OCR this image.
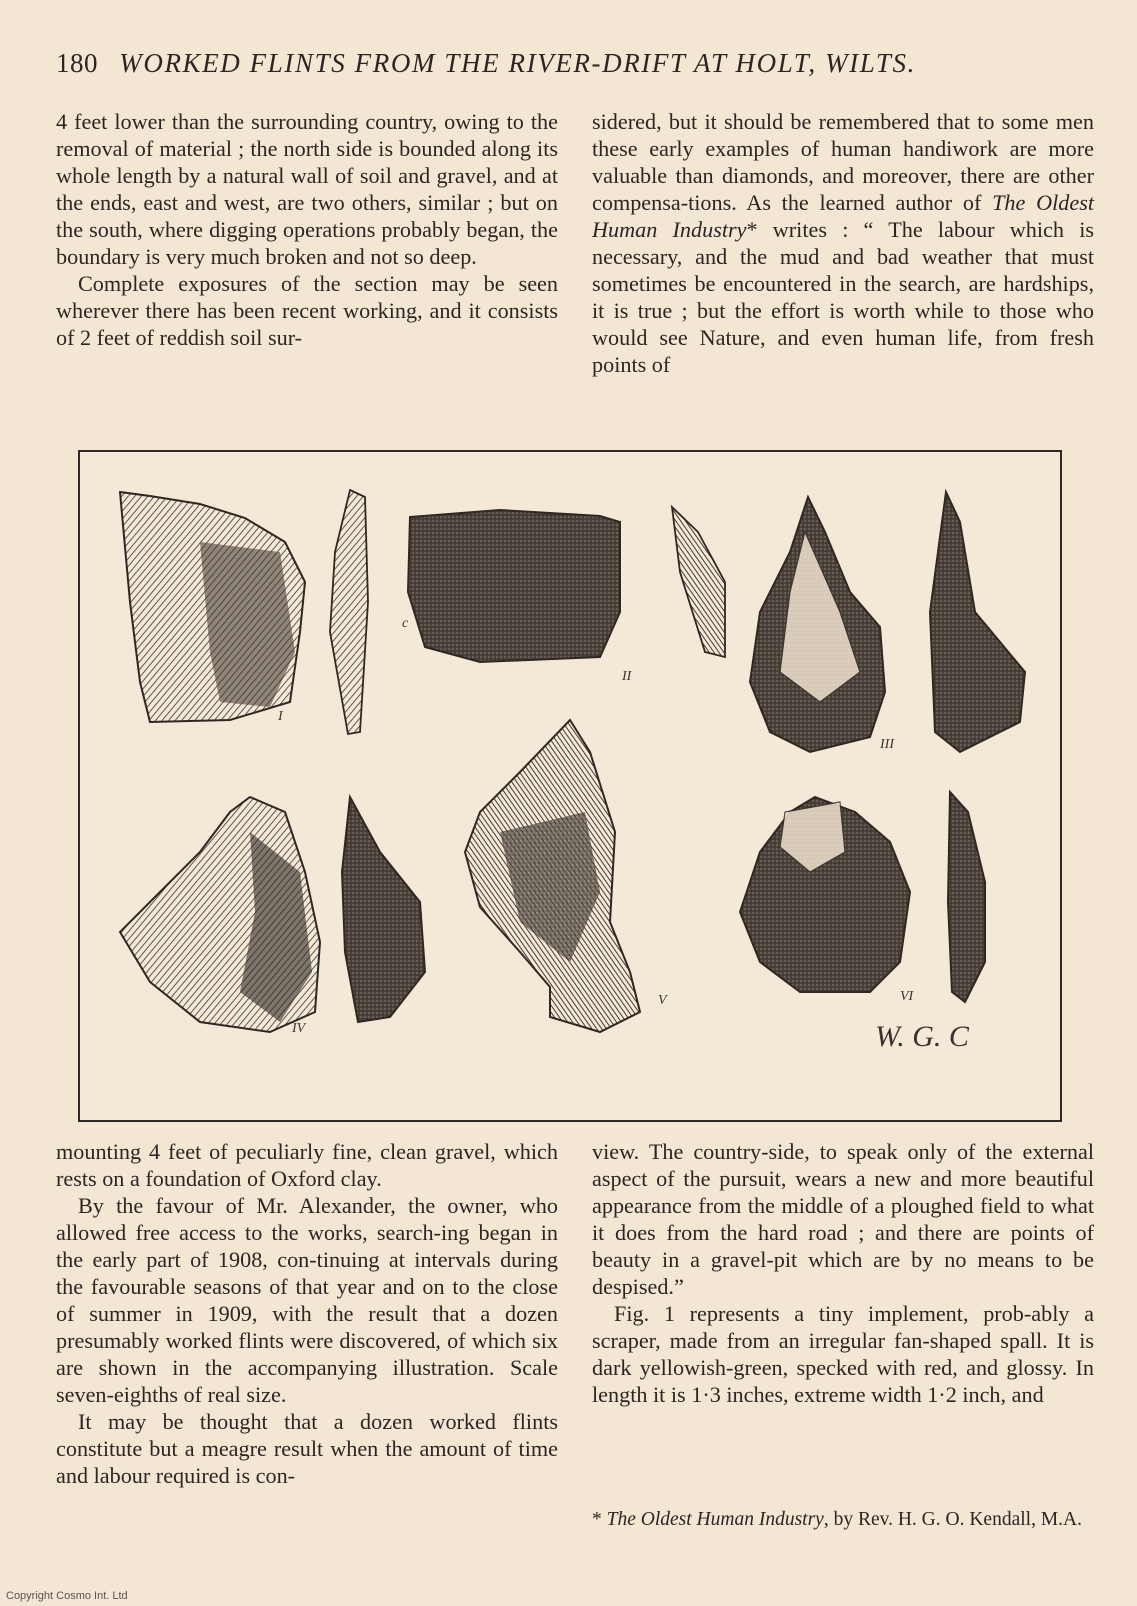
180 WORKED FLINTS FROM THE RIVER-DRIFT AT HOLT, WILTS.

4 feet lower than the surrounding country, owing to the removal of material ; the north side is bounded along its whole length by a natural wall of soil and gravel, and at the ends, east and west, are two others, similar ; but on the south, where digging operations probably began, the boundary is very much broken and not so deep.

Complete exposures of the section may be seen wherever there has been recent working, and it consists of 2 feet of reddish soil sur-

sidered, but it should be remembered that to some men these early examples of human handiwork are more valuable than diamonds, and moreover, there are other compensa-tions. As the learned author of The Oldest Human Industry* writes : “ The labour which is necessary, and the mud and bad weather that must sometimes be encountered in the search, are hardships, it is true ; but the effort is worth while to those who would see Nature, and even human life, from fresh points of

I
II
c
III
IV
V	VI
W. G. C

mounting 4 feet of peculiarly fine, clean gravel, which rests on a foundation of Oxford clay.

By the favour of Mr. Alexander, the owner, who allowed free access to the works, search-ing began in the early part of 1908, con-tinuing at intervals during the favourable seasons of that year and on to the close of summer in 1909, with the result that a dozen presumably worked flints were discovered, of which six are shown in the accompanying illustration. Scale seven-eighths of real size.

It may be thought that a dozen worked flints constitute but a meagre result when the amount of time and labour required is con-

view. The country-side, to speak only of the external aspect of the pursuit, wears a new and more beautiful appearance from the middle of a ploughed field to what it does from the hard road ; and there are points of beauty in a gravel-pit which are by no means to be despised.”

Fig. 1 represents a tiny implement, prob-ably a scraper, made from an irregular fan-shaped spall. It is dark yellowish-green, specked with red, and glossy. In length it is 1·3 inches, extreme width 1·2 inch, and

* The Oldest Human Industry, by Rev. H. G. O. Kendall, M.A.
Copyright Cosmo Int. Ltd
